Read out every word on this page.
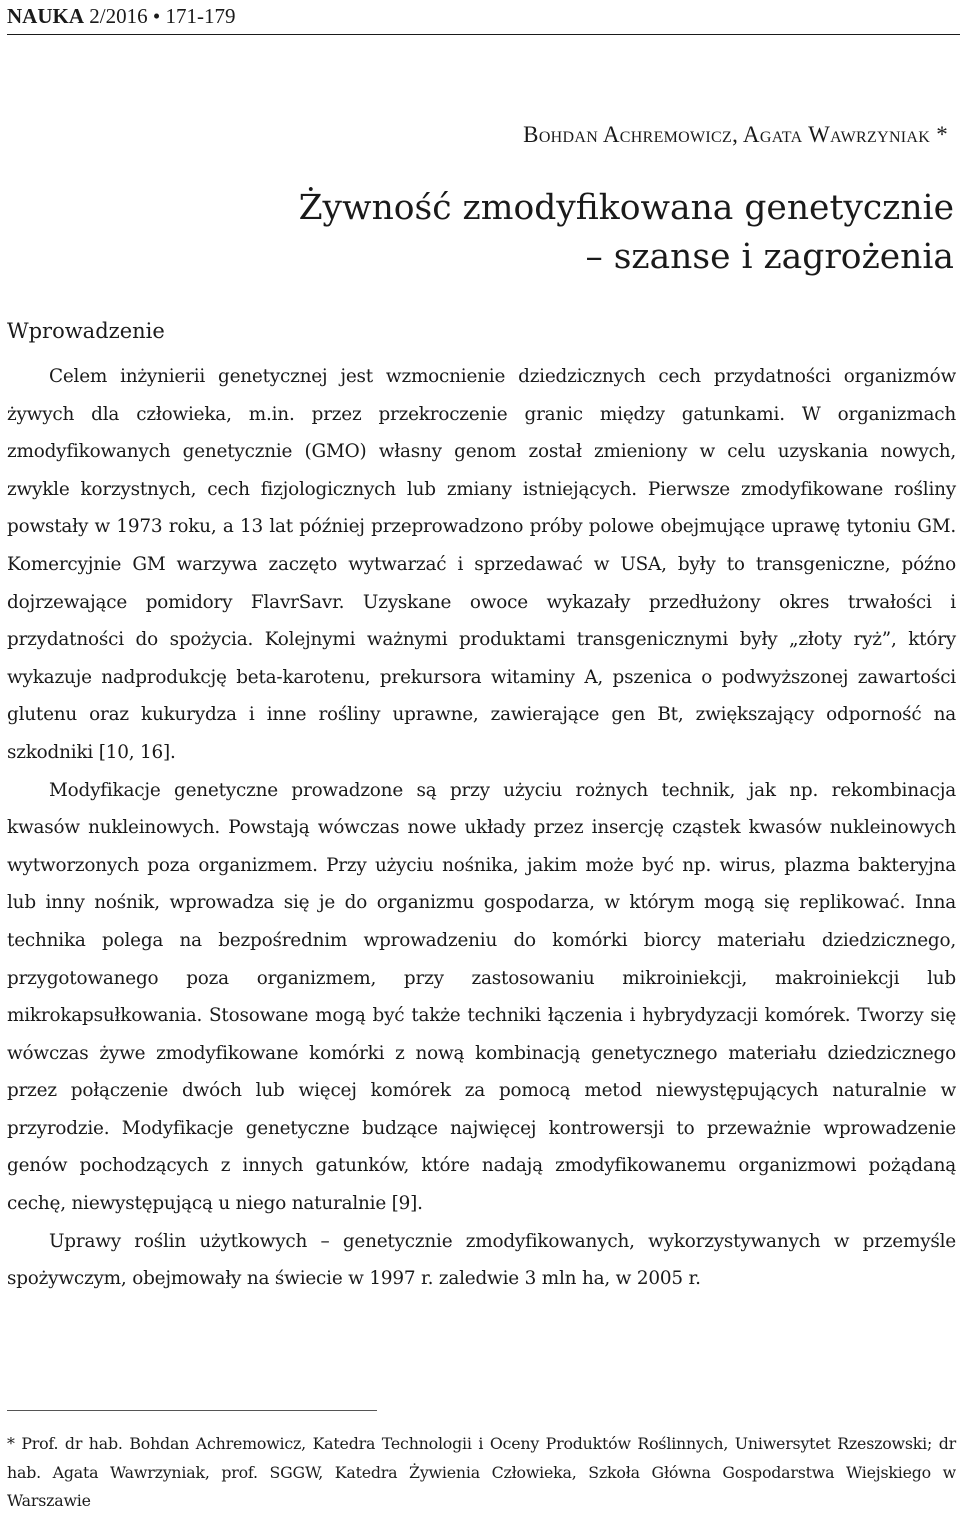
NAUKA 2/2016 • 171-179
Bohdan Achremowicz, Agata Wawrzyniak *
Żywność zmodyfikowana genetycznie
– szanse i zagrożenia
Wprowadzenie

Celem inżynierii genetycznej jest wzmocnienie dziedzicznych cech przydatności organizmów żywych dla człowieka, m.in. przez przekroczenie granic między gatunkami. W organizmach zmodyfikowanych genetycznie (GMO) własny genom został zmieniony w celu uzyskania nowych, zwykle korzystnych, cech fizjologicznych lub zmiany istniejących. Pierwsze zmodyfikowane rośliny powstały w 1973 roku, a 13 lat później przeprowadzono próby polowe obejmujące uprawę tytoniu GM. Komercyjnie GM warzywa zaczęto wytwarzać i sprzedawać w USA, były to transgeniczne, późno dojrzewające pomidory FlavrSavr. Uzyskane owoce wykazały przedłużony okres trwałości i przydatności do spożycia. Kolejnymi ważnymi produktami transgenicznymi były „złoty ryż”, który wykazuje nadprodukcję beta-karotenu, prekursora witaminy A, pszenica o podwyższonej zawartości glutenu oraz kukurydza i inne rośliny uprawne, zawierające gen Bt, zwiększający odporność na szkodniki [10, 16].

Modyfikacje genetyczne prowadzone są przy użyciu rożnych technik, jak np. rekombinacja kwasów nukleinowych. Powstają wówczas nowe układy przez insercję cząstek kwasów nukleinowych wytworzonych poza organizmem. Przy użyciu nośnika, jakim może być np. wirus, plazma bakteryjna lub inny nośnik, wprowadza się je do organizmu gospodarza, w którym mogą się replikować. Inna technika polega na bezpośrednim wprowadzeniu do komórki biorcy materiału dziedzicznego, przygotowanego poza organizmem, przy zastosowaniu mikroiniekcji, makroiniekcji lub mikrokapsułkowania. Stosowane mogą być także techniki łączenia i hybrydyzacji komórek. Tworzy się wówczas żywe zmodyfikowane komórki z nową kombinacją genetycznego materiału dziedzicznego przez połączenie dwóch lub więcej komórek za pomocą metod niewystępujących naturalnie w przyrodzie. Modyfikacje genetyczne budzące najwięcej kontrowersji to przeważnie wprowadzenie genów pochodzących z innych gatunków, które nadają zmodyfikowanemu organizmowi pożądaną cechę, niewystępującą u niego naturalnie [9].

Uprawy roślin użytkowych – genetycznie zmodyfikowanych, wykorzystywanych w przemyśle spożywczym, obejmowały na świecie w 1997 r. zaledwie 3 mln ha, w 2005 r.

* Prof. dr hab. Bohdan Achremowicz, Katedra Technologii i Oceny Produktów Roślinnych, Uniwersytet Rzeszowski; dr hab. Agata Wawrzyniak, prof. SGGW, Katedra Żywienia Człowieka, Szkoła Główna Gospodarstwa Wiejskiego w Warszawie
